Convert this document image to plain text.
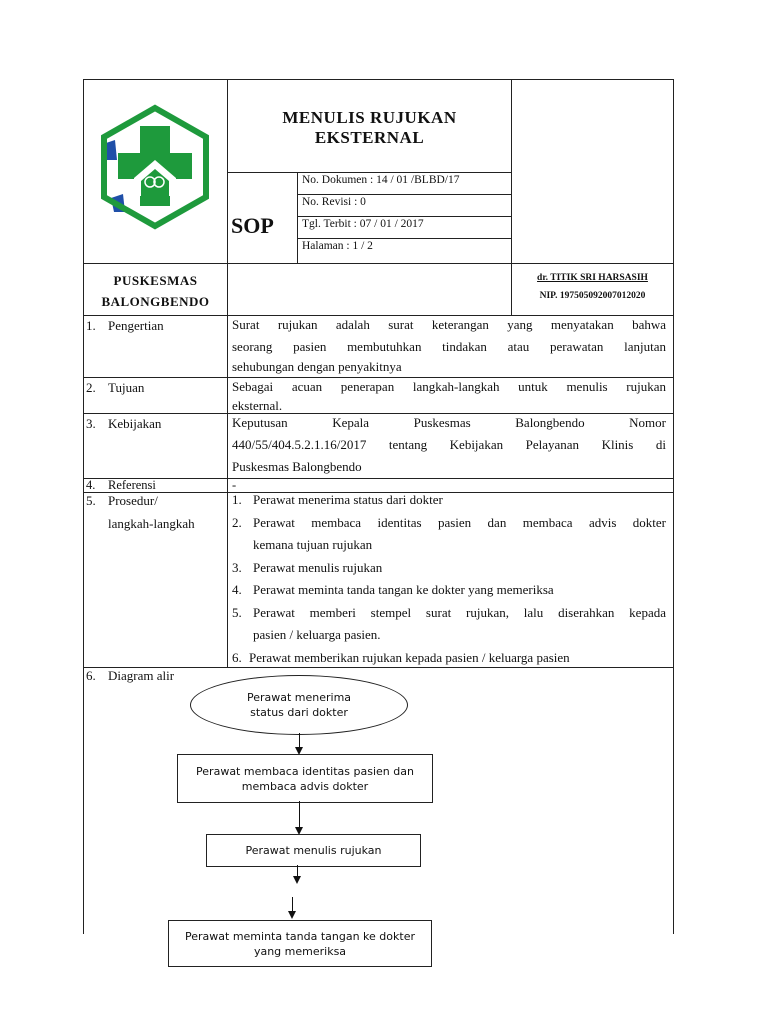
MENULIS RUJUKAN
EKSTERNAL
SOP
No. Dokumen : 14 / 01 /BLBD/17
No. Revisi : 0
Tgl. Terbit : 07 / 01 / 2017
Halaman : 1 / 2
PUSKESMAS
BALONGBENDO
dr. TITIK SRI HARSASIH
NIP. 197505092007012020
1. Pengertian
2. Tujuan
3. Kebijakan
4. Referensi	-
5. Prosedur/
langkah-langkah
6. Diagram alir
Surat rujukan adalah surat keterangan yang menyatakan bahwa
seorang pasien membutuhkan tindakan atau perawatan lanjutan
sehubungan dengan penyakitnya
Sebagai acuan penerapan langkah-langkah untuk menulis rujukan
eksternal.
Keputusan Kepala Puskesmas Balongbendo Nomor
440/55/404.5.2.1.16/2017 tentang Kebijakan Pelayanan Klinis di
Puskesmas Balongbendo
1. Perawat menerima status dari dokter
2. Perawat membaca identitas pasien dan membaca advis dokter
kemana tujuan rujukan
3. Perawat menulis rujukan
4. Perawat meminta tanda tangan ke dokter yang memeriksa
5. Perawat memberi stempel surat rujukan, lalu diserahkan kepada
pasien / keluarga pasien.
6. Perawat memberikan rujukan kepada pasien / keluarga pasien
Perawat menerima
status dari dokter
Perawat membaca identitas pasien dan
membaca advis dokter
Perawat menulis rujukan
Perawat meminta tanda tangan ke dokter
yang memeriksa
